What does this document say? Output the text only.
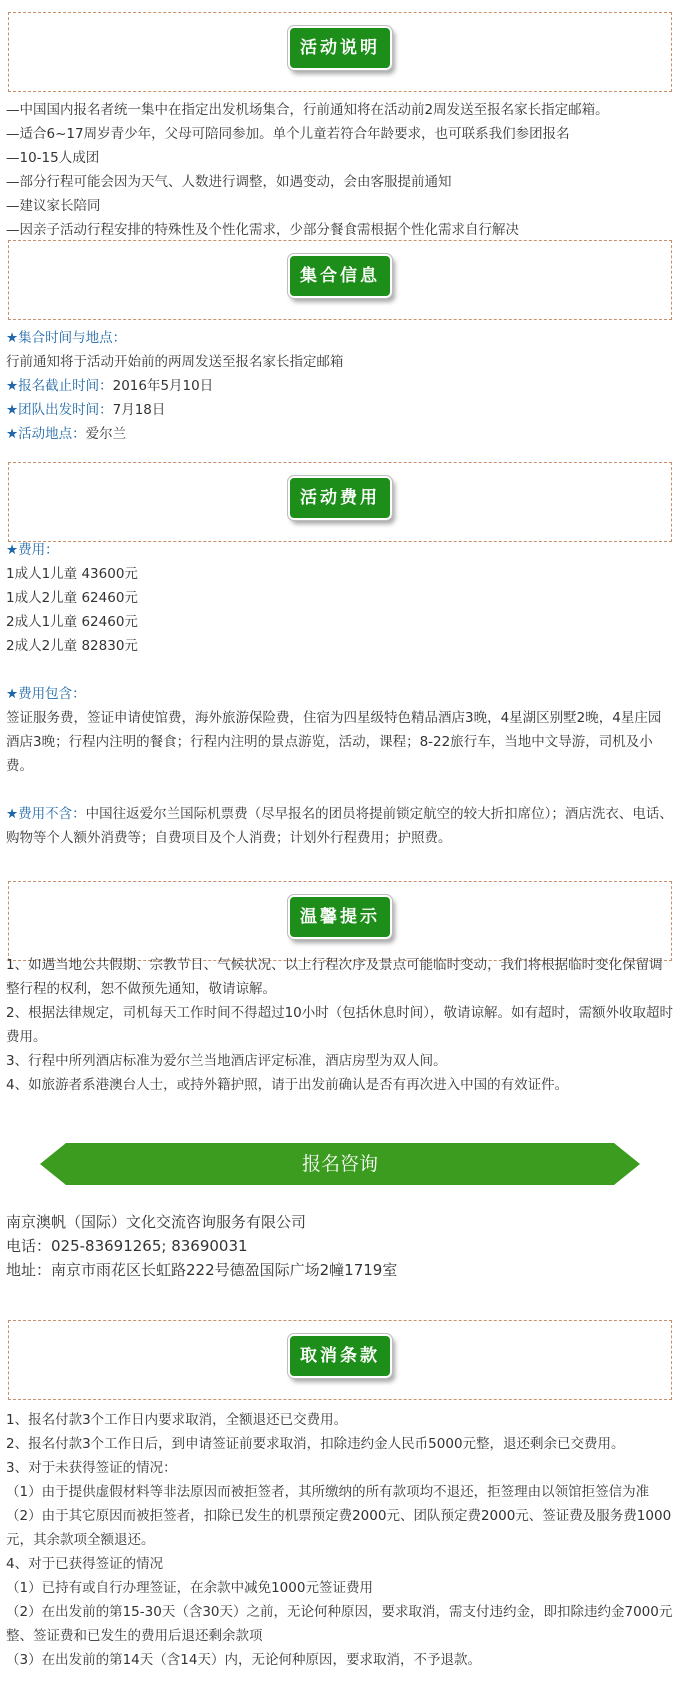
活动说明

—中国国内报名者统一集中在指定出发机场集合，行前通知将在活动前2周发送至报名家长指定邮箱。

—适合6~17周岁青少年，父母可陪同参加。单个儿童若符合年龄要求，也可联系我们参团报名

—10-15人成团

—部分行程可能会因为天气、人数进行调整，如遇变动，会由客服提前通知

—建议家长陪同

—因亲子活动行程安排的特殊性及个性化需求，少部分餐食需根据个性化需求自行解决

集合信息

★集合时间与地点：

行前通知将于活动开始前的两周发送至报名家长指定邮箱

★报名截止时间：2016年5月10日

★团队出发时间：7月18日

★活动地点：爱尔兰

活动费用

★费用：

1成人1儿童 43600元

1成人2儿童 62460元

2成人1儿童 62460元

2成人2儿童 82830元

★费用包含：

签证服务费，签证申请使馆费，海外旅游保险费，住宿为四星级特色精品酒店3晚，4星湖区别墅2晚，4星庄园酒店3晚；行程内注明的餐食；行程内注明的景点游览，活动，课程；8-22旅行车，当地中文导游，司机及小费。

★费用不含：中国往返爱尔兰国际机票费（尽早报名的团员将提前锁定航空的较大折扣席位）；酒店洗衣、电话、购物等个人额外消费等；自费项目及个人消费；计划外行程费用；护照费。

温馨提示

1、如遇当地公共假期、宗教节日、气候状况、以上行程次序及景点可能临时变动，我们将根据临时变化保留调整行程的权利，恕不做预先通知，敬请谅解。

2、根据法律规定，司机每天工作时间不得超过10小时（包括休息时间），敬请谅解。如有超时，需额外收取超时费用。

3、行程中所列酒店标准为爱尔兰当地酒店评定标准，酒店房型为双人间。

4、如旅游者系港澳台人士，或持外籍护照，请于出发前确认是否有再次进入中国的有效证件。

报名咨询

南京澳帆（国际）文化交流咨询服务有限公司

电话：025-83691265; 83690031

地址：南京市雨花区长虹路222号德盈国际广场2幢1719室

取消条款

1、报名付款3个工作日内要求取消，全额退还已交费用。

2、报名付款3个工作日后，到申请签证前要求取消，扣除违约金人民币5000元整，退还剩余已交费用。

3、对于未获得签证的情况：

（1）由于提供虚假材料等非法原因而被拒签者，其所缴纳的所有款项均不退还，拒签理由以领馆拒签信为准

（2）由于其它原因而被拒签者，扣除已发生的机票预定费2000元、团队预定费2000元、签证费及服务费1000元，其余款项全额退还。

4、对于已获得签证的情况

（1）已持有或自行办理签证，在余款中减免1000元签证费用

（2）在出发前的第15-30天（含30天）之前，无论何种原因，要求取消，需支付违约金，即扣除违约金7000元整、签证费和已发生的费用后退还剩余款项

（3）在出发前的第14天（含14天）内，无论何种原因，要求取消，不予退款。
